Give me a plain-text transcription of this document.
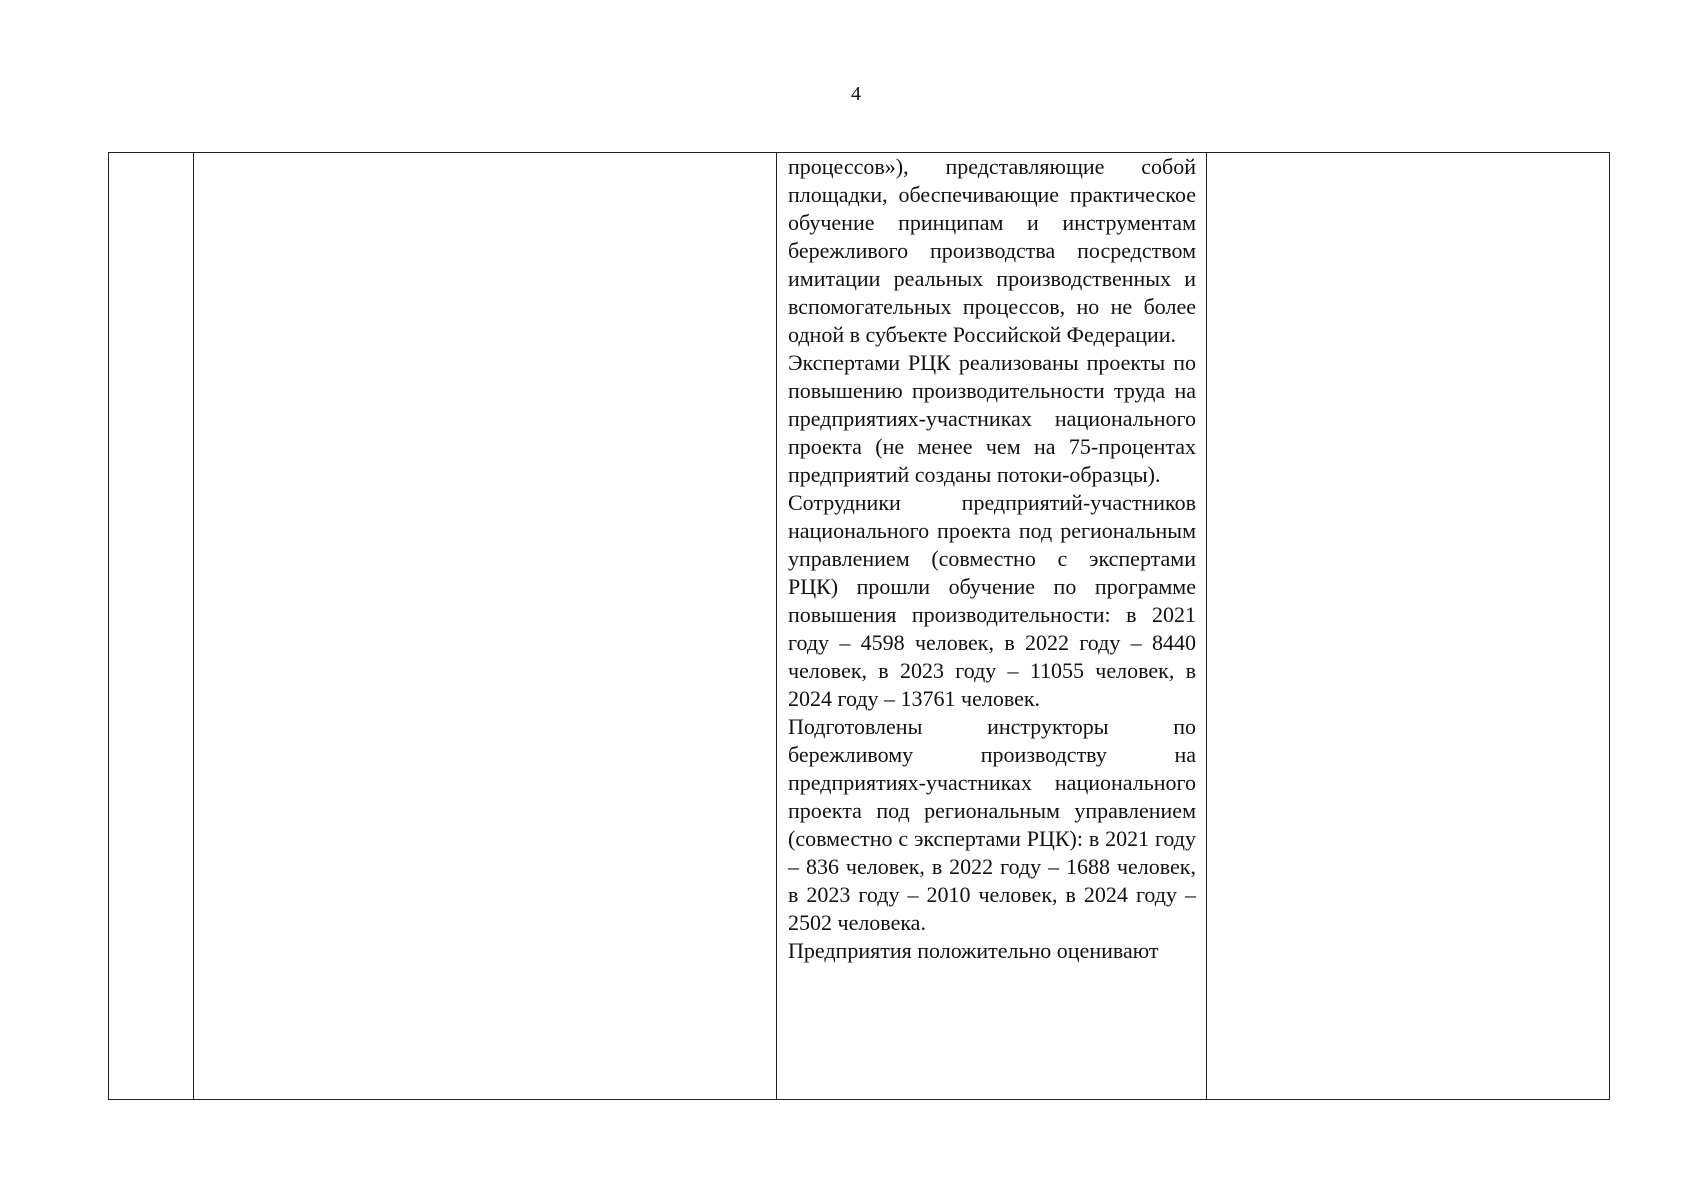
4

процессов»), представляющие собой площадки, обеспечивающие практическое обучение принципам и инструментам бережливого производства посредством имитации реальных производственных и вспомогательных процессов, но не более одной в субъекте Российской Федерации.

Экспертами РЦК реализованы проекты по повышению производительности труда на предприятиях-участниках национального проекта (не менее чем на 75-процентах предприятий созданы потоки-образцы).

Сотрудники предприятий-участников национального проекта под региональным управлением (совместно с экспертами РЦК) прошли обучение по программе повышения производительности: в 2021 году – 4598 человек, в 2022 году – 8440 человек, в 2023 году – 11055 человек, в 2024 году – 13761 человек.

Подготовлены инструкторы по бережливому производству на предприятиях-участниках национального проекта под региональным управлением (совместно с экспертами РЦК): в 2021 году – 836 человек, в 2022 году – 1688 человек, в 2023 году – 2010 человек, в 2024 году – 2502 человека.

Предприятия положительно оценивают
